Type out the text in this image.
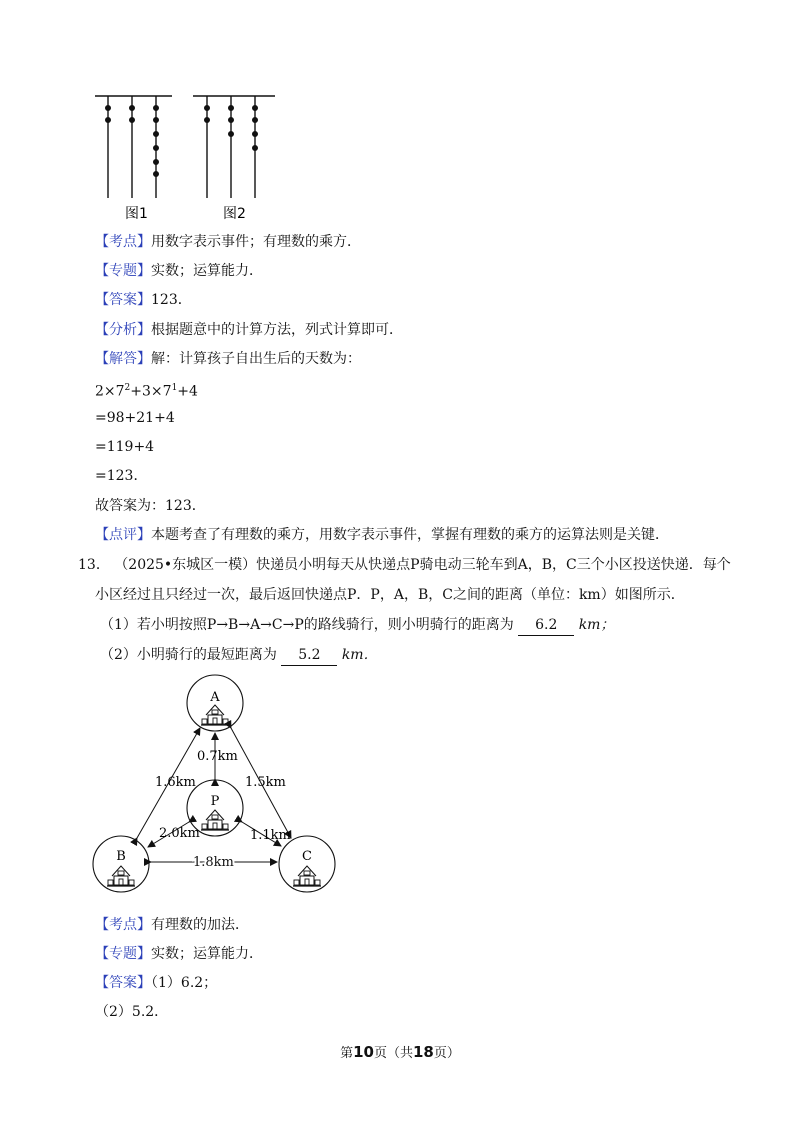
图1	图2
【考点】用数字表示事件；有理数的乘方．
【专题】实数；运算能力．
【答案】123．
【分析】根据题意中的计算方法，列式计算即可．
【解答】解：计算孩子自出生后的天数为：
$2\times 7^2+3\times 7^1+4$
=98+21+4
=119+4
=123．
故答案为：123．
【点评】本题考查了有理数的乘方，用数字表示事件，掌握有理数的乘方的运算法则是关键．
13． （2025•东城区一模）快递员小明每天从快递点P骑电动三轮车到A，B，C三个小区投送快递．每个
小区经过且只经过一次，最后返回快递点P．P，A，B，C之间的距离（单位：km）如图所示．
（1）若小明按照P→B→A→C→P的路线骑行，则小明骑行的距离为 6.2 km；
（2）小明骑行的最短距离为 5.2 km．
A
P
B	C
0.7km
1.6km	1.5km
2.0km	1.1km
1.8km
【考点】有理数的加法．
【专题】实数；运算能力．
【答案】（1）6.2；
（2）5.2．
第10页（共18页）
